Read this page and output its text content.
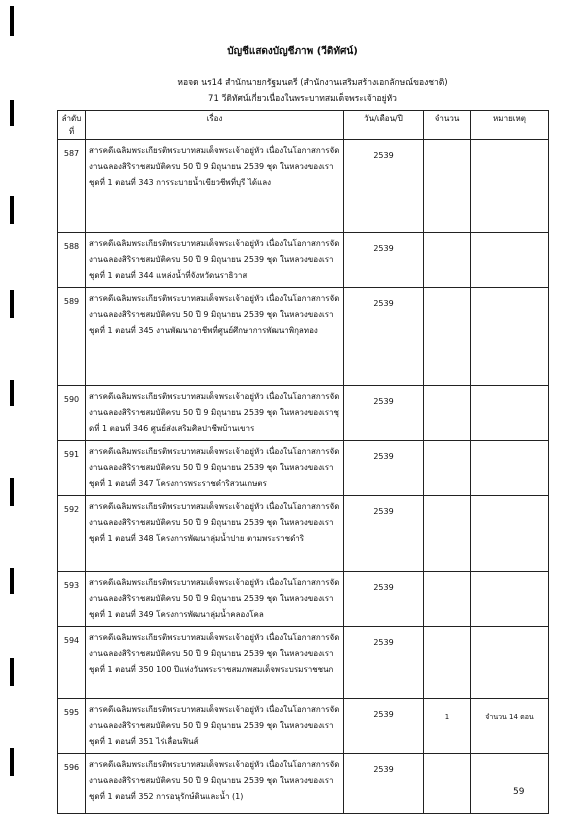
บัญชีแสดงบัญชีภาพ (วีดิทัศน์)
หอจด นร14 สำนักนายกรัฐมนตรี (สำนักงานเสริมสร้างเอกลักษณ์ของชาติ)
71 วีดิทัศน์เกี่ยวเนื่องในพระบาทสมเด็จพระเจ้าอยู่หัว
ลำดับที่	เรื่อง	วัน/เดือน/ปี	จำนวน	หมายเหตุ
587	สารคดีเฉลิมพระเกียรติพระบาทสมเด็จพระเจ้าอยู่หัว เนื่องในโอกาสการจัดงานฉลองสิริราชสมบัติครบ 50 ปี 9 มิถุนายน 2539 ชุด ในหลวงของเรา ชุดที่ 1 ตอนที่ 343 การระบายน้ำเขียวชีพที่บุรี ได้แลง	2539		
588	สารคดีเฉลิมพระเกียรติพระบาทสมเด็จพระเจ้าอยู่หัว เนื่องในโอกาสการจัดงานฉลองสิริราชสมบัติครบ 50 ปี 9 มิถุนายน 2539 ชุด ในหลวงของเรา ชุดที่ 1 ตอนที่ 344 แหล่งน้ำที่จังหวัดนราธิวาส	2539		
589	สารคดีเฉลิมพระเกียรติพระบาทสมเด็จพระเจ้าอยู่หัว เนื่องในโอกาสการจัดงานฉลองสิริราชสมบัติครบ 50 ปี 9 มิถุนายน 2539 ชุด ในหลวงของเรา ชุดที่ 1 ตอนที่ 345 งานพัฒนาอาชีพที่ศูนย์ศึกษาการพัฒนาพิกุลทอง	2539		
590	สารคดีเฉลิมพระเกียรติพระบาทสมเด็จพระเจ้าอยู่หัว เนื่องในโอกาสการจัดงานฉลองสิริราชสมบัติครบ 50 ปี 9 มิถุนายน 2539 ชุด ในหลวงของเราชุดที่ 1 ตอนที่ 346 ศูนย์ส่งเสริมศิลปาชีพบ้านเขาร	2539		
591	สารคดีเฉลิมพระเกียรติพระบาทสมเด็จพระเจ้าอยู่หัว เนื่องในโอกาสการจัดงานฉลองสิริราชสมบัติครบ 50 ปี 9 มิถุนายน 2539 ชุด ในหลวงของเรา ชุดที่ 1 ตอนที่ 347 โครงการพระราชดำริสวนเกษตร	2539		
592	สารคดีเฉลิมพระเกียรติพระบาทสมเด็จพระเจ้าอยู่หัว เนื่องในโอกาสการจัดงานฉลองสิริราชสมบัติครบ 50 ปี 9 มิถุนายน 2539 ชุด ในหลวงของเรา ชุดที่ 1 ตอนที่ 348 โครงการพัฒนาลุ่มน้ำปาย ตามพระราชดำริ	2539		
593	สารคดีเฉลิมพระเกียรติพระบาทสมเด็จพระเจ้าอยู่หัว เนื่องในโอกาสการจัดงานฉลองสิริราชสมบัติครบ 50 ปี 9 มิถุนายน 2539 ชุด ในหลวงของเรา ชุดที่ 1 ตอนที่ 349 โครงการพัฒนาลุ่มน้ำคลองโคล	2539		
594	สารคดีเฉลิมพระเกียรติพระบาทสมเด็จพระเจ้าอยู่หัว เนื่องในโอกาสการจัดงานฉลองสิริราชสมบัติครบ 50 ปี 9 มิถุนายน 2539 ชุด ในหลวงของเรา ชุดที่ 1 ตอนที่ 350 100 ปีแห่งวันพระราชสมภพสมเด็จพระบรมราชชนก	2539		
595	สารคดีเฉลิมพระเกียรติพระบาทสมเด็จพระเจ้าอยู่หัว เนื่องในโอกาสการจัดงานฉลองสิริราชสมบัติครบ 50 ปี 9 มิถุนายน 2539 ชุด ในหลวงของเรา ชุดที่ 1 ตอนที่ 351 ไร่เลื่อนฟินส์	2539	1	จำนวน 14 ตอน
596	สารคดีเฉลิมพระเกียรติพระบาทสมเด็จพระเจ้าอยู่หัว เนื่องในโอกาสการจัดงานฉลองสิริราชสมบัติครบ 50 ปี 9 มิถุนายน 2539 ชุด ในหลวงของเรา ชุดที่ 1 ตอนที่ 352 การอนุรักษ์ดินและน้ำ (1)	2539		
59
